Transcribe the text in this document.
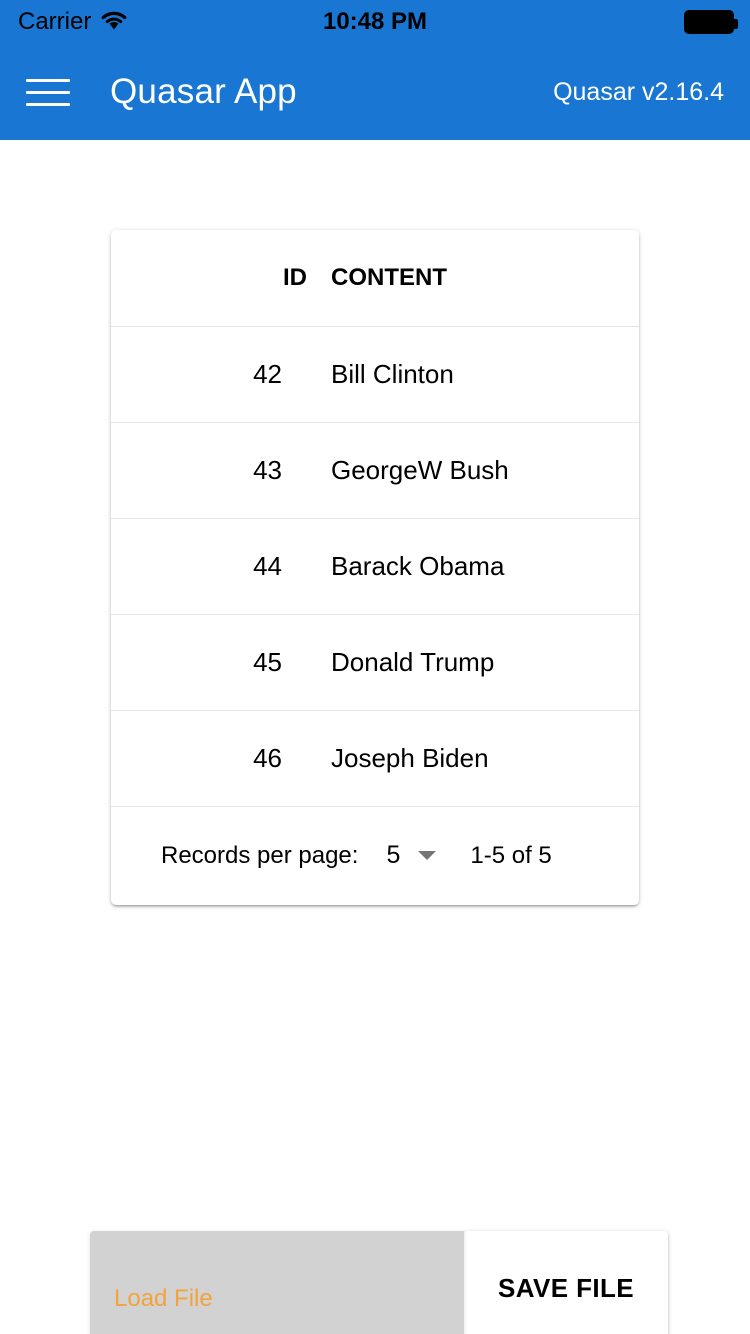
Carrier	10:48 PM
Quasar App	Quasar v2.16.4
ID	CONTENT
42	Bill Clinton
43	GeorgeW Bush
44	Barack Obama
45	Donald Trump
46	Joseph Biden
Records per page: 5	1-5 of 5
Load File	SAVE FILE
